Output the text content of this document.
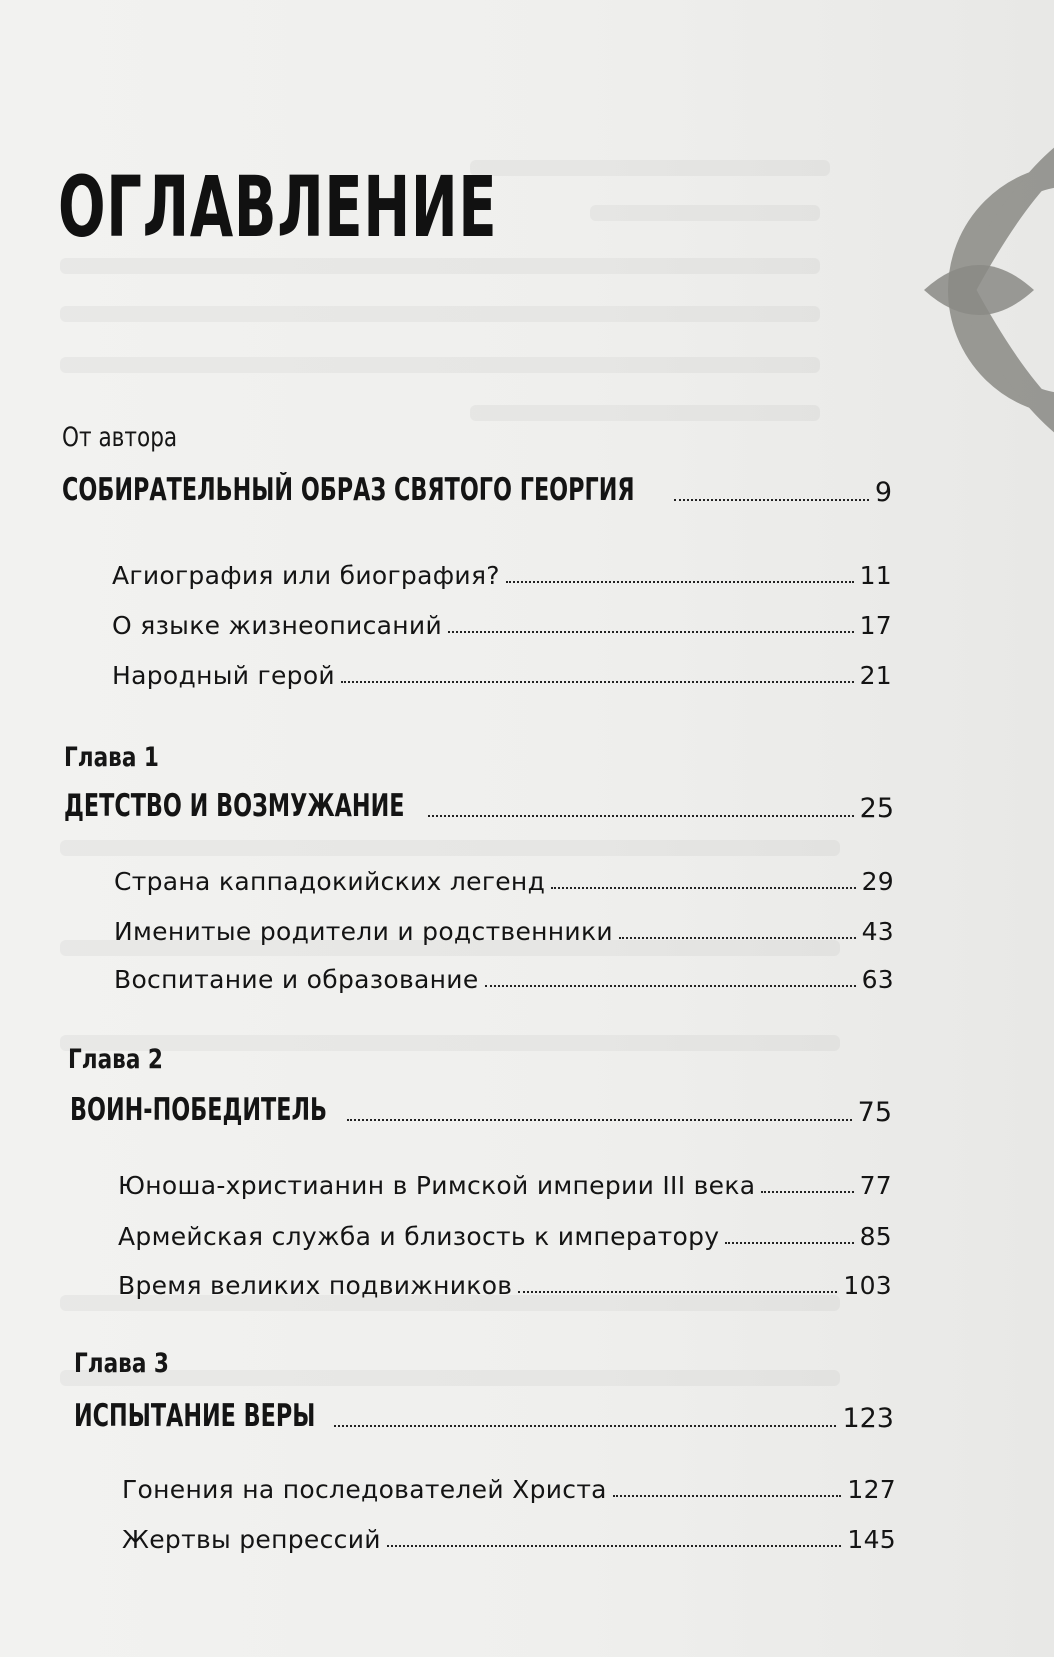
ОГЛАВЛЕНИЕ
От автора
СОБИРАТЕЛЬНЫЙ ОБРАЗ СВЯТОГО ГЕОРГИЯ	9
Агиография или биография?	11
О языке жизнеописаний	17
Народный герой	21
Глава 1
ДЕТСТВО И ВОЗМУЖАНИЕ	25
Страна каппадокийских легенд	29
Именитые родители и родственники	43
Воспитание и образование	63
Глава 2
ВОИН-ПОБЕДИТЕЛЬ	75
Юноша-христианин в Римской империи III века	77
Армейская служба и близость к императору	85
Время великих подвижников	103
Глава 3
ИСПЫТАНИЕ ВЕРЫ	123
Гонения на последователей Христа	127
Жертвы репрессий	145
